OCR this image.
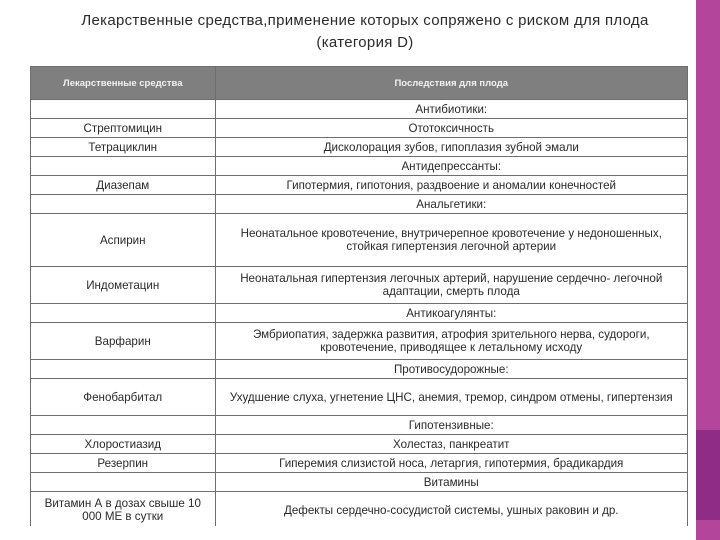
Лекарственные средства,применение которых сопряжено с риском для плода
(категория D)
Лекарственные средства	Последствия для плода
	Антибиотики:
Стрептомицин	Ототоксичность
Тетрациклин	Дисколорация зубов, гипоплазия зубной эмали
	Антидепрессанты:
Диазепам	Гипотермия, гипотония, раздвоение и аномалии конечностей
	Анальгетики:
Аспирин	Неонатальное кровотечение, внутричерепное кровотечение у недоношенных, стойкая гипертензия легочной артерии
Индометацин	Неонатальная гипертензия легочных артерий, нарушение сердечно- легочной адаптации, смерть плода
	Антикоагулянты:
Варфарин	Эмбриопатия, задержка развития, атрофия зрительного нерва, судороги, кровотечение, приводящее к летальному исходу
	Противосудорожные:
Фенобарбитал	Ухудшение слуха, угнетение ЦНС, анемия, тремор, синдром отмены, гипертензия
	Гипотензивные:
Хлоростиазид	Холестаз, панкреатит
Резерпин	Гиперемия слизистой носа, летаргия, гипотермия, брадикардия
	Витамины
Витамин А в дозах свыше 10 000 МЕ в сутки	Дефекты сердечно-сосудистой системы, ушных раковин и др.
